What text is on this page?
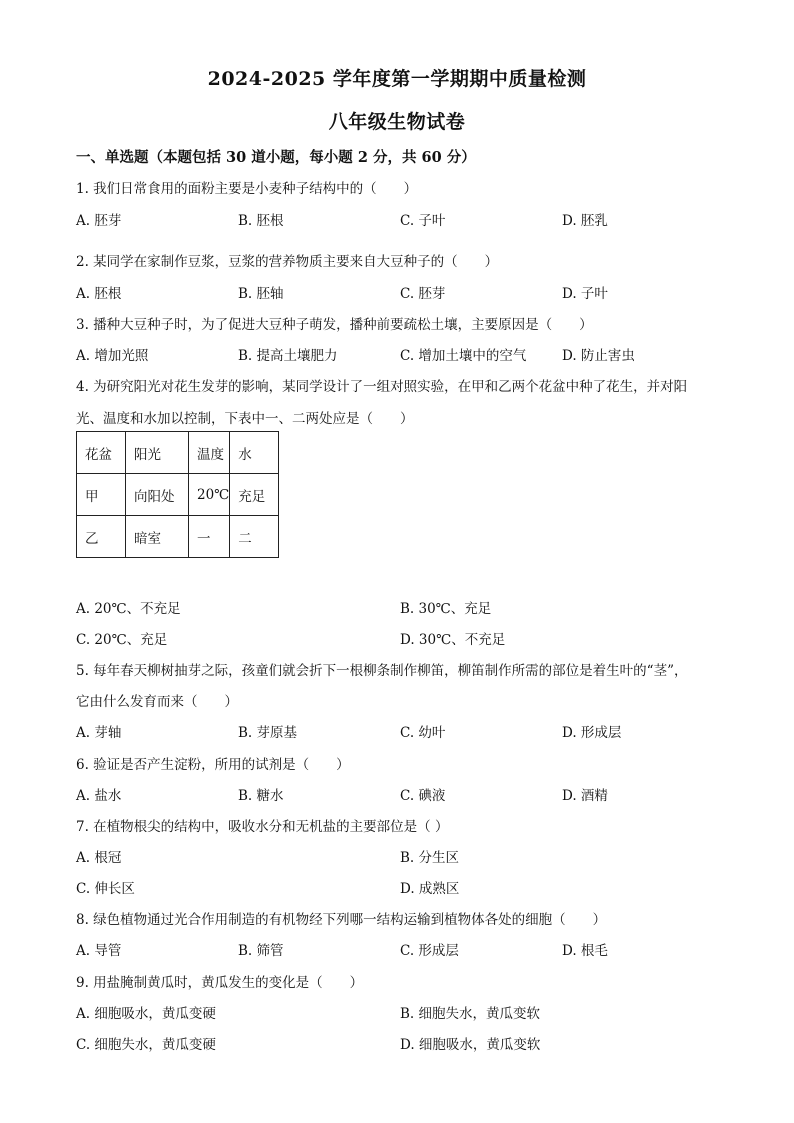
2024-2025 学年度第一学期期中质量检测
八年级生物试卷
一、单选题（本题包括 30 道小题，每小题 2 分，共 60 分）
1. 我们日常食用的面粉主要是小麦种子结构中的（　　）
A. 胚芽	B. 胚根	C. 子叶	D. 胚乳
2. 某同学在家制作豆浆，豆浆的营养物质主要来自大豆种子的（　　）
A. 胚根	B. 胚轴	C. 胚芽	D. 子叶
3. 播种大豆种子时，为了促进大豆种子萌发，播种前要疏松土壤，主要原因是（　　）
A. 增加光照	B. 提高土壤肥力	C. 增加土壤中的空气	D. 防止害虫
4. 为研究阳光对花生发芽的影响，某同学设计了一组对照实验，在甲和乙两个花盆中种了花生，并对阳
光、温度和水加以控制，下表中一、二两处应是（　　）
花盆	阳光	温度	水
甲	向阳处	20℃	充足
乙	暗室	一	二
A. 20℃、不充足	B. 30℃、充足
C. 20℃、充足	D. 30℃、不充足
5. 每年春天柳树抽芽之际，孩童们就会折下一根柳条制作柳笛，柳笛制作所需的部位是着生叶的“茎”，
它由什么发育而来（　　）
A. 芽轴	B. 芽原基	C. 幼叶	D. 形成层
6. 验证是否产生淀粉，所用的试剂是（　　）
A. 盐水	B. 糖水	C. 碘液	D. 酒精
7. 在植物根尖的结构中，吸收水分和无机盐的主要部位是（ ）
A. 根冠	B. 分生区
C. 伸长区	D. 成熟区
8. 绿色植物通过光合作用制造的有机物经下列哪一结构运输到植物体各处的细胞（　　）
A. 导管	B. 筛管	C. 形成层	D. 根毛
9. 用盐腌制黄瓜时，黄瓜发生的变化是（　　）
A. 细胞吸水，黄瓜变硬	B. 细胞失水，黄瓜变软
C. 细胞失水，黄瓜变硬	D. 细胞吸水，黄瓜变软
